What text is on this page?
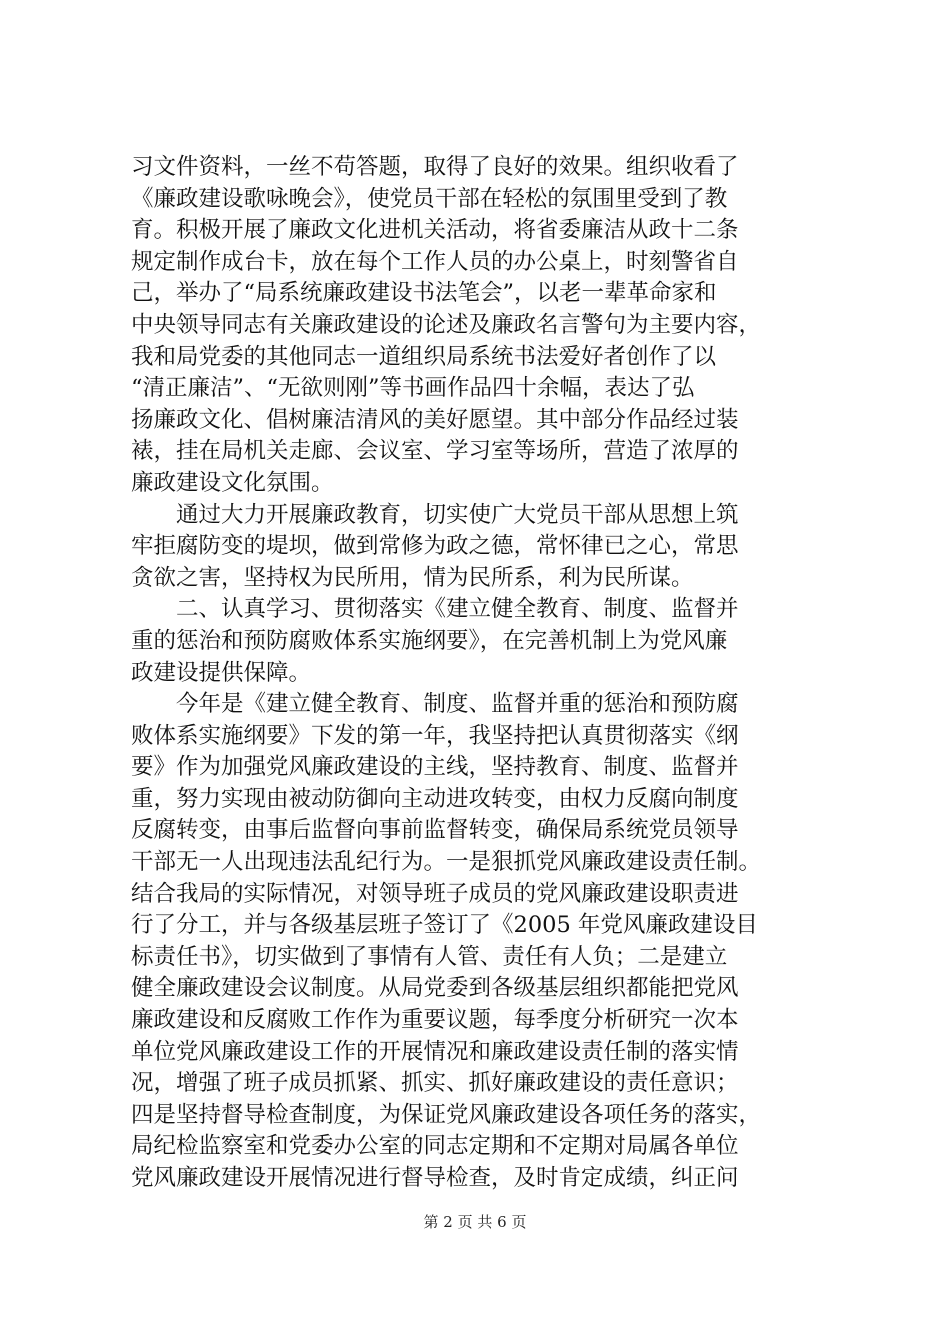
习文件资料，一丝不苟答题，取得了良好的效果。组织收看了
《廉政建设歌咏晚会》，使党员干部在轻松的氛围里受到了教
育。积极开展了廉政文化进机关活动，将省委廉洁从政十二条
规定制作成台卡，放在每个工作人员的办公桌上，时刻警省自
己，举办了“局系统廉政建设书法笔会”，以老一辈革命家和
中央领导同志有关廉政建设的论述及廉政名言警句为主要内容，
我和局党委的其他同志一道组织局系统书法爱好者创作了以
“清正廉洁”、“无欲则刚”等书画作品四十余幅，表达了弘
扬廉政文化、倡树廉洁清风的美好愿望。其中部分作品经过装
裱，挂在局机关走廊、会议室、学习室等场所，营造了浓厚的
廉政建设文化氛围。
　　通过大力开展廉政教育，切实使广大党员干部从思想上筑
牢拒腐防变的堤坝，做到常修为政之德，常怀律已之心，常思
贪欲之害，坚持权为民所用，情为民所系，利为民所谋。
　　二、认真学习、贯彻落实《建立健全教育、制度、监督并
重的惩治和预防腐败体系实施纲要》，在完善机制上为党风廉
政建设提供保障。
　　今年是《建立健全教育、制度、监督并重的惩治和预防腐
败体系实施纲要》下发的第一年，我坚持把认真贯彻落实《纲
要》作为加强党风廉政建设的主线，坚持教育、制度、监督并
重，努力实现由被动防御向主动进攻转变，由权力反腐向制度
反腐转变，由事后监督向事前监督转变，确保局系统党员领导
干部无一人出现违法乱纪行为。一是狠抓党风廉政建设责任制。
结合我局的实际情况，对领导班子成员的党风廉政建设职责进
行了分工，并与各级基层班子签订了《2005 年党风廉政建设目
标责任书》，切实做到了事情有人管、责任有人负；二是建立
健全廉政建设会议制度。从局党委到各级基层组织都能把党风
廉政建设和反腐败工作作为重要议题，每季度分析研究一次本
单位党风廉政建设工作的开展情况和廉政建设责任制的落实情
况，增强了班子成员抓紧、抓实、抓好廉政建设的责任意识；
四是坚持督导检查制度，为保证党风廉政建设各项任务的落实，
局纪检监察室和党委办公室的同志定期和不定期对局属各单位
党风廉政建设开展情况进行督导检查，及时肯定成绩，纠正问
第 2 页 共 6 页
